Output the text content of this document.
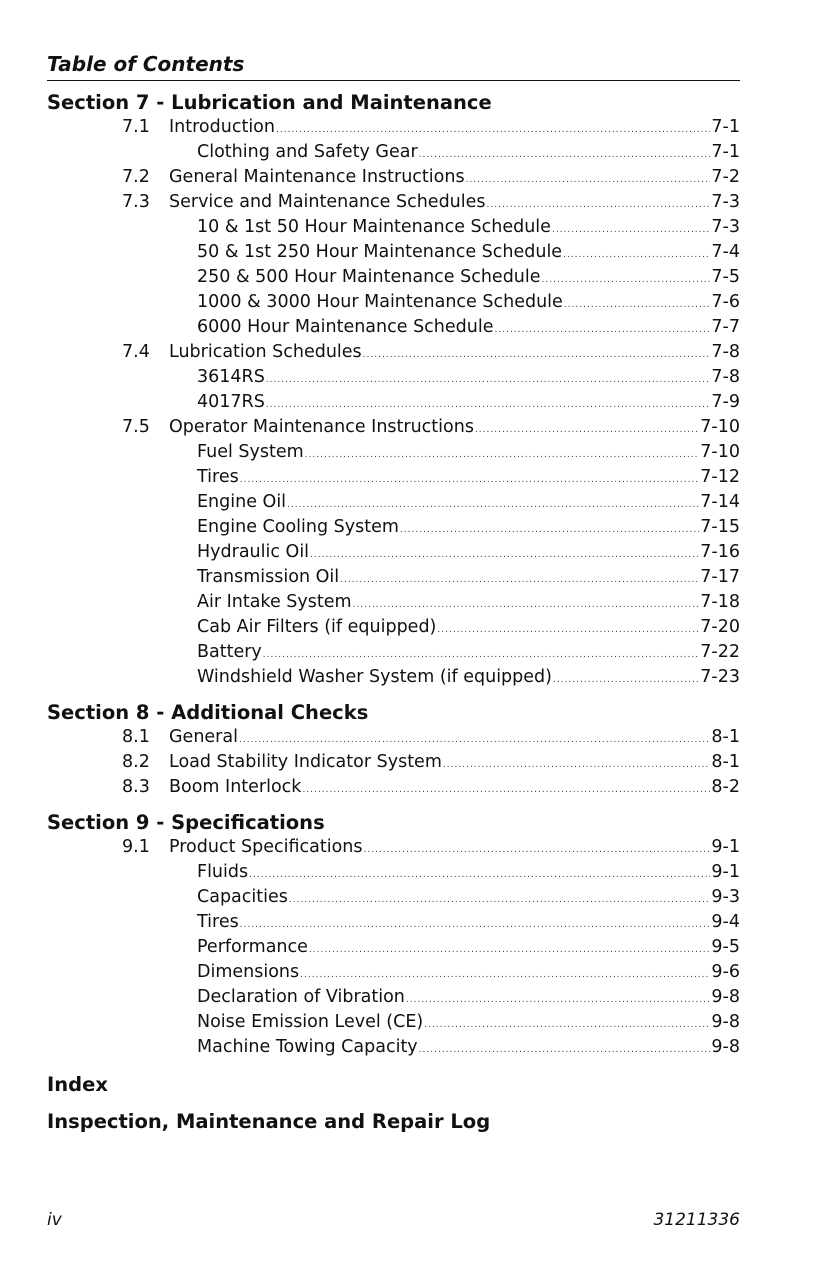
Table of Contents
Section 7 - Lubrication and Maintenance
7.1 Introduction .....	7-1
Clothing and Safety Gear .....	7-1
7.2 General Maintenance Instructions .....	7-2
7.3 Service and Maintenance Schedules .....	7-3
10 & 1st 50 Hour Maintenance Schedule .....	7-3
50 & 1st 250 Hour Maintenance Schedule .....	7-4
250 & 500 Hour Maintenance Schedule .....	7-5
1000 & 3000 Hour Maintenance Schedule .....	7-6
6000 Hour Maintenance Schedule .....	7-7
7.4 Lubrication Schedules .....	7-8
3614RS .....	7-8
4017RS .....	7-9
7.5 Operator Maintenance Instructions .....	7-10
Fuel System .....	7-10
Tires .....	7-12
Engine Oil .....	7-14
Engine Cooling System .....	7-15
Hydraulic Oil .....	7-16
Transmission Oil .....	7-17
Air Intake System .....	7-18
Cab Air Filters (if equipped) .....	7-20
Battery .....	7-22
Windshield Washer System (if equipped) .....	7-23
Section 8 - Additional Checks
8.1 General .....	8-1
8.2 Load Stability Indicator System .....	8-1
8.3 Boom Interlock .....	8-2
Section 9 - Specifications
9.1 Product Specifications .....	9-1
Fluids .....	9-1
Capacities .....	9-3
Tires .....	9-4
Performance .....	9-5
Dimensions .....	9-6
Declaration of Vibration .....	9-8
Noise Emission Level (CE) .....	9-8
Machine Towing Capacity .....	9-8
Index
Inspection, Maintenance and Repair Log
iv	31211336
